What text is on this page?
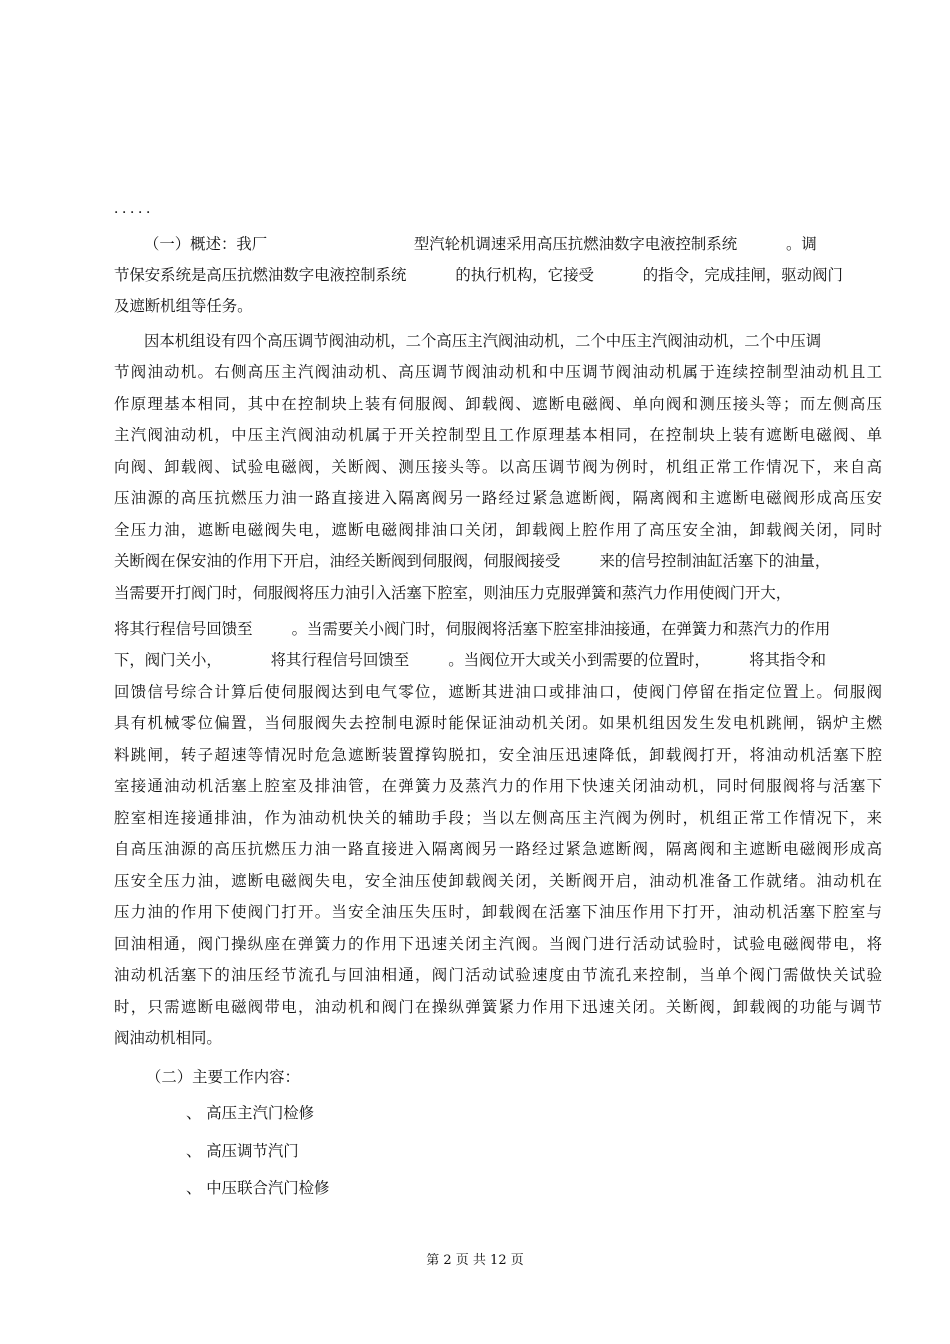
．．．．．
（一）概述：我厂                              型汽轮机调速采用高压抗燃油数字电液控制系统          。调
节保安系统是高压抗燃油数字电液控制系统          的执行机构，它接受          的指令，完成挂闸，驱动阀门
及遮断机组等任务。
因本机组设有四个高压调节阀油动机，二个高压主汽阀油动机，二个中压主汽阀油动机，二个中压调
节阀油动机。右侧高压主汽阀油动机、高压调节阀油动机和中压调节阀油动机属于连续控制型油动机且工
作原理基本相同，其中在控制块上装有伺服阀、卸载阀、遮断电磁阀、单向阀和测压接头等；而左侧高压
主汽阀油动机，中压主汽阀油动机属于开关控制型且工作原理基本相同，在控制块上装有遮断电磁阀、单
向阀、卸载阀、试验电磁阀，关断阀、测压接头等。以高压调节阀为例时，机组正常工作情况下，来自高
压油源的高压抗燃压力油一路直接进入隔离阀另一路经过紧急遮断阀，隔离阀和主遮断电磁阀形成高压安
全压力油，遮断电磁阀失电，遮断电磁阀排油口关闭，卸载阀上腔作用了高压安全油，卸载阀关闭，同时
关断阀在保安油的作用下开启，油经关断阀到伺服阀，伺服阀接受        来的信号控制油缸活塞下的油量，
当需要开打阀门时，伺服阀将压力油引入活塞下腔室，则油压力克服弹簧和蒸汽力作用使阀门开大，
将其行程信号回馈至        。当需要关小阀门时，伺服阀将活塞下腔室排油接通，在弹簧力和蒸汽力的作用
下，阀门关小，          将其行程信号回馈至        。当阀位开大或关小到需要的位置时，        将其指令和
回馈信号综合计算后使伺服阀达到电气零位，遮断其进油口或排油口，使阀门停留在指定位置上。伺服阀
具有机械零位偏置，当伺服阀失去控制电源时能保证油动机关闭。如果机组因发生发电机跳闸，锅炉主燃
料跳闸，转子超速等情况时危急遮断装置撑钩脱扣，安全油压迅速降低，卸载阀打开，将油动机活塞下腔
室接通油动机活塞上腔室及排油管，在弹簧力及蒸汽力的作用下快速关闭油动机，同时伺服阀将与活塞下
腔室相连接通排油，作为油动机快关的辅助手段；当以左侧高压主汽阀为例时，机组正常工作情况下，来
自高压油源的高压抗燃压力油一路直接进入隔离阀另一路经过紧急遮断阀，隔离阀和主遮断电磁阀形成高
压安全压力油，遮断电磁阀失电，安全油压使卸载阀关闭，关断阀开启，油动机准备工作就绪。油动机在
压力油的作用下使阀门打开。当安全油压失压时，卸载阀在活塞下油压作用下打开，油动机活塞下腔室与
回油相通，阀门操纵座在弹簧力的作用下迅速关闭主汽阀。当阀门进行活动试验时，试验电磁阀带电，将
油动机活塞下的油压经节流孔与回油相通，阀门活动试验速度由节流孔来控制，当单个阀门需做快关试验
时，只需遮断电磁阀带电，油动机和阀门在操纵弹簧紧力作用下迅速关闭。关断阀，卸载阀的功能与调节
阀油动机相同。
（二）主要工作内容：
、 高压主汽门检修
、 高压调节汽门
、 中压联合汽门检修
第 2 页 共 12 页
